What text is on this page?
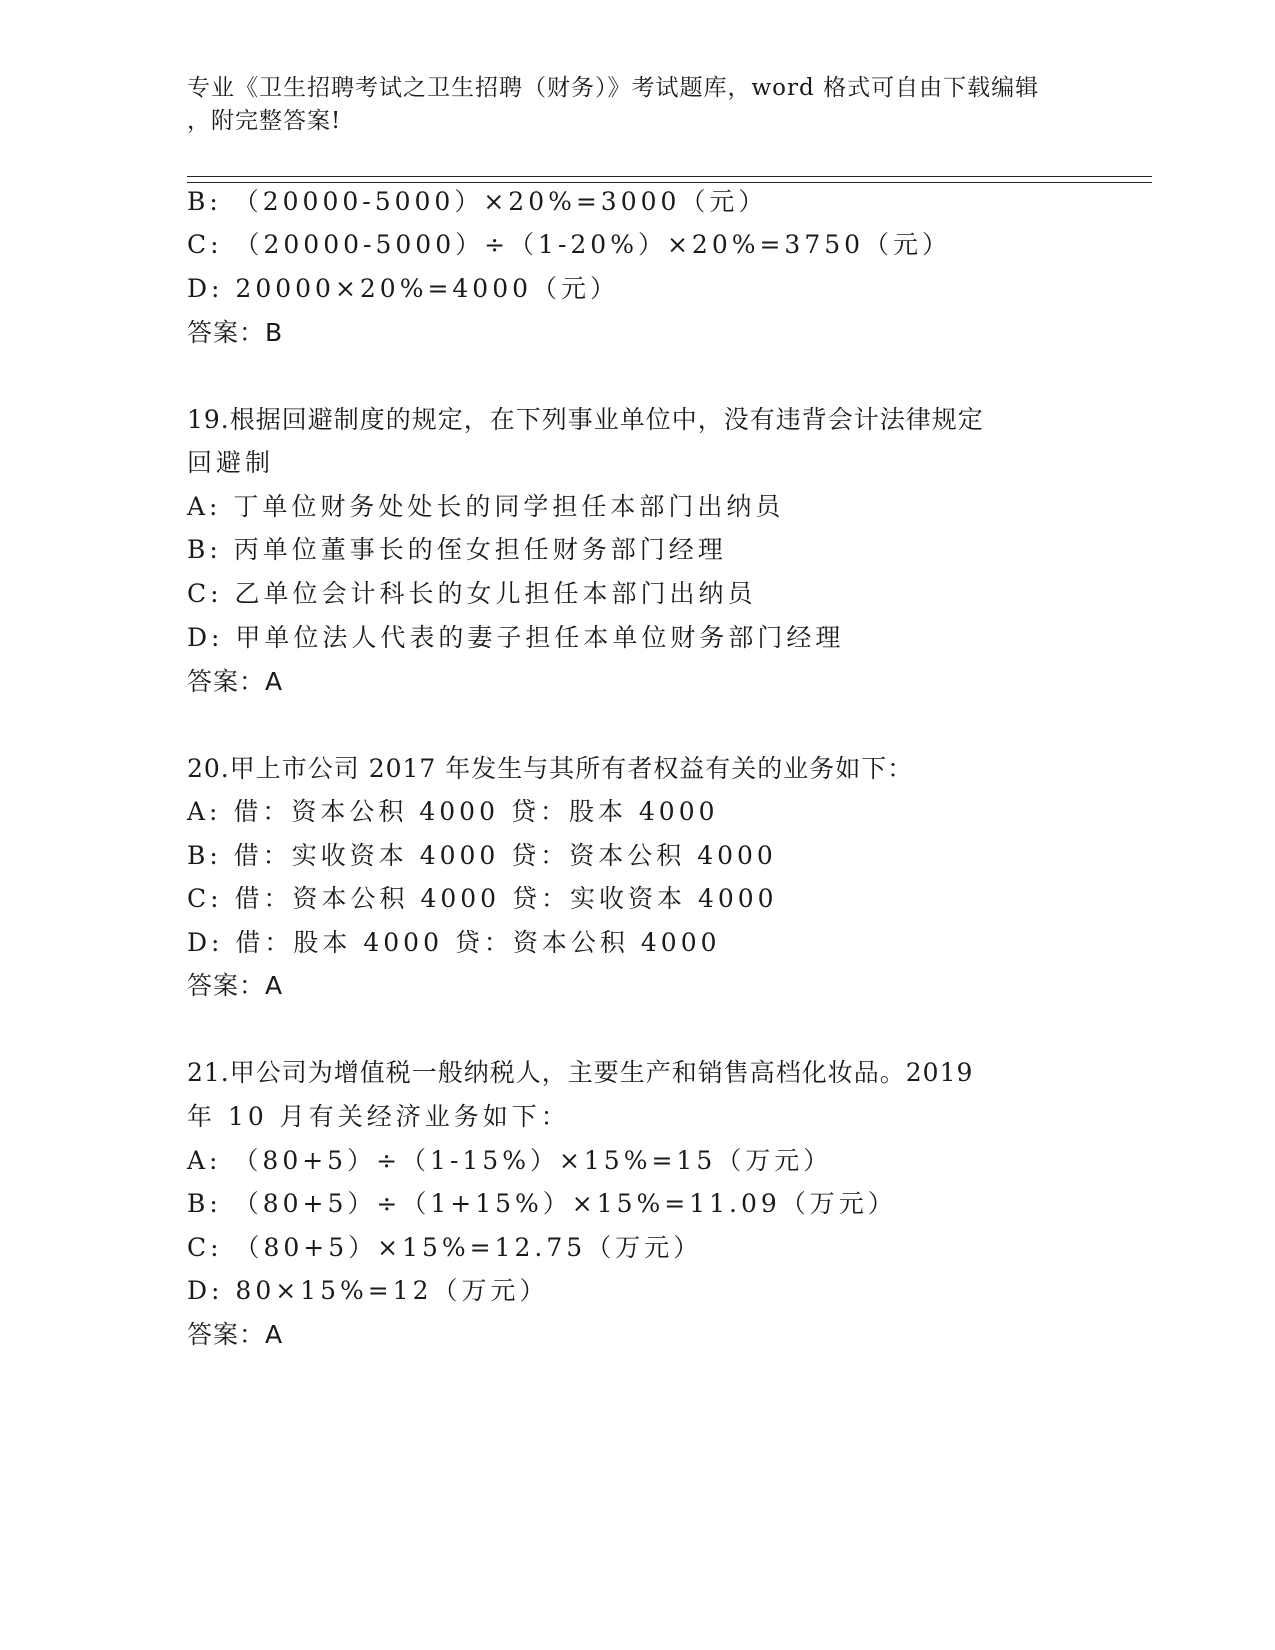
专业《卫生招聘考试之卫生招聘（财务）》考试题库，word 格式可自由下载编辑
，附完整答案!
B: （20000-5000）×20%=3000（元）
C: （20000-5000）÷（1-20%）×20%=3750（元）
D: 20000×20%=4000（元）
答案：B
19.根据回避制度的规定，在下列事业单位中，没有违背会计法律规定
回避制
A: 丁单位财务处处长的同学担任本部门出纳员
B: 丙单位董事长的侄女担任财务部门经理
C: 乙单位会计科长的女儿担任本部门出纳员
D: 甲单位法人代表的妻子担任本单位财务部门经理
答案：A
20.甲上市公司 2017 年发生与其所有者权益有关的业务如下：
A: 借：资本公积 4000 贷：股本 4000
B: 借：实收资本 4000 贷：资本公积 4000
C: 借：资本公积 4000 贷：实收资本 4000
D: 借：股本 4000 贷：资本公积 4000
答案：A
21.甲公司为增值税一般纳税人，主要生产和销售高档化妆品。2019
年 10 月有关经济业务如下：
A: （80+5）÷（1-15%）×15%=15（万元）
B: （80+5）÷（1+15%）×15%=11.09（万元）
C: （80+5）×15%=12.75（万元）
D: 80×15%=12（万元）
答案：A
